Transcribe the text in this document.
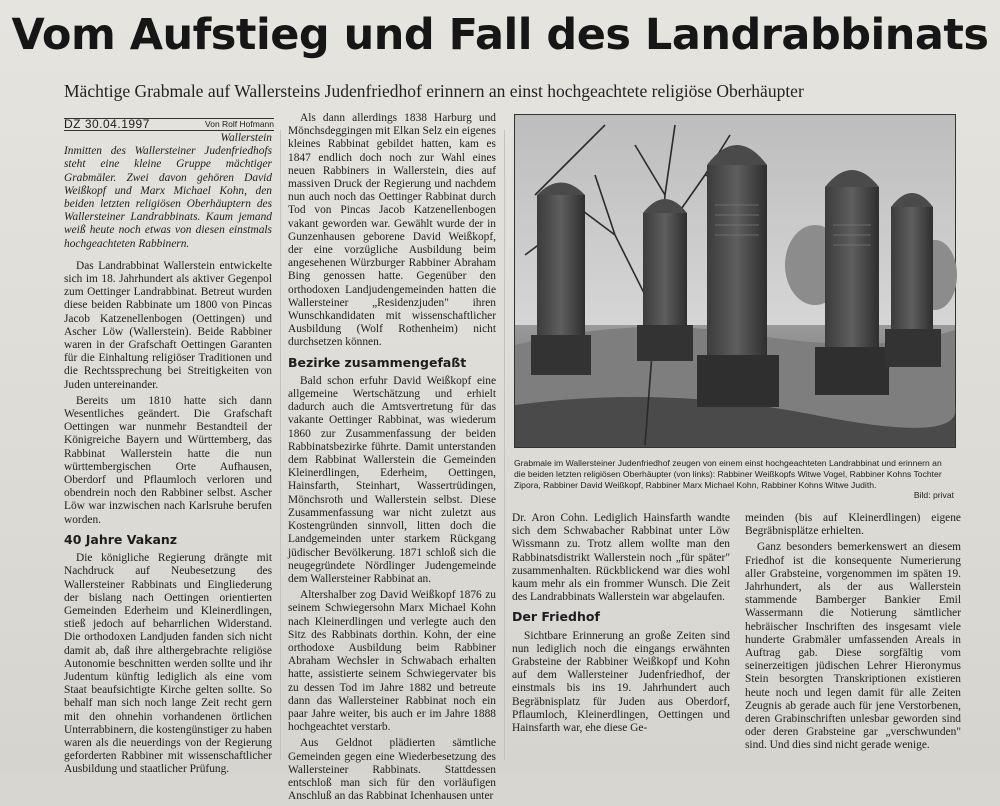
Vom Aufstieg und Fall des Landrabbinats
Mächtige Grabmale auf Wallersteins Judenfriedhof erinnern an einst hochgeachtete religiöse Oberhäupter
DZ 30.04.1997	Von Rolf Hofmann

Wallerstein
Inmitten des Wallersteiner Judenfriedhofs steht eine kleine Gruppe mächtiger Grabmäler. Zwei davon gehören David Weißkopf und Marx Michael Kohn, den beiden letzten religiösen Oberhäuptern des Wallersteiner Landrabbinats. Kaum jemand weiß heute noch etwas von diesen einstmals hochgeachteten Rabbinern.

Das Landrabbinat Wallerstein entwickelte sich im 18. Jahrhundert als aktiver Gegenpol zum Oettinger Landrabbinat. Betreut wurden diese beiden Rabbinate um 1800 von Pincas Jacob Katzenellenbogen (Oettingen) und Ascher Löw (Wallerstein). Beide Rabbiner waren in der Grafschaft Oettingen Garanten für die Einhaltung religiöser Traditionen und die Rechtssprechung bei Streitigkeiten von Juden untereinander.

Bereits um 1810 hatte sich dann Wesentliches geändert. Die Grafschaft Oettingen war nunmehr Bestandteil der Königreiche Bayern und Württemberg, das Rabbinat Wallerstein hatte die nun württembergischen Orte Aufhausen, Oberdorf und Pflaumloch verloren und obendrein noch den Rabbiner selbst. Ascher Löw war inzwischen nach Karlsruhe berufen worden.

40 Jahre Vakanz

Die königliche Regierung drängte mit Nachdruck auf Neubesetzung des Wallersteiner Rabbinats und Eingliederung der bislang nach Oettingen orientierten Gemeinden Ederheim und Kleinerdlingen, stieß jedoch auf beharrlichen Widerstand. Die orthodoxen Landjuden fanden sich nicht damit ab, daß ihre althergebrachte religiöse Autonomie beschnitten werden sollte und ihr Judentum künftig lediglich als eine vom Staat beaufsichtigte Kirche gelten sollte. So behalf man sich noch lange Zeit recht gern mit den ohnehin vorhandenen örtlichen Unterrabbinern, die kostengünstiger zu haben waren als die neuerdings von der Regierung geforderten Rabbiner mit wissenschaftlicher Ausbildung und staatlicher Prüfung.

Als dann allerdings 1838 Harburg und Mönchsdeggingen mit Elkan Selz ein eigenes kleines Rabbinat gebildet hatten, kam es 1847 endlich doch noch zur Wahl eines neuen Rabbiners in Wallerstein, dies auf massiven Druck der Regierung und nachdem nun auch noch das Oettinger Rabbinat durch Tod von Pincas Jacob Katzenellenbogen vakant geworden war. Gewählt wurde der in Gunzenhausen geborene David Weißkopf, der eine vorzügliche Ausbildung beim angesehenen Würzburger Rabbiner Abraham Bing genossen hatte. Gegenüber den orthodoxen Landjudengemeinden hatten die Wallersteiner „Residenzjuden" ihren Wunschkandidaten mit wissenschaftlicher Ausbildung (Wolf Rothenheim) nicht durchsetzen können.

Bezirke zusammengefaßt

Bald schon erfuhr David Weißkopf eine allgemeine Wertschätzung und erhielt dadurch auch die Amtsvertretung für das vakante Oettinger Rabbinat, was wiederum 1860 zur Zusammenfassung der beiden Rabbinatsbezirke führte. Damit unterstanden dem Rabbinat Wallerstein die Gemeinden Kleinerdlingen, Ederheim, Oettingen, Hainsfarth, Steinhart, Wassertrüdingen, Mönchsroth und Wallerstein selbst. Diese Zusammenfassung war nicht zuletzt aus Kostengründen sinnvoll, litten doch die Landgemeinden unter starkem Rückgang jüdischer Bevölkerung. 1871 schloß sich die neugegründete Nördlinger Judengemeinde dem Wallersteiner Rabbinat an.

Altershalber zog David Weißkopf 1876 zu seinem Schwiegersohn Marx Michael Kohn nach Kleinerdlingen und verlegte auch den Sitz des Rabbinats dorthin. Kohn, der eine orthodoxe Ausbildung beim Rabbiner Abraham Wechsler in Schwabach erhalten hatte, assistierte seinem Schwiegervater bis zu dessen Tod im Jahre 1882 und betreute dann das Wallersteiner Rabbinat noch ein paar Jahre weiter, bis auch er im Jahre 1888 hochgeachtet verstarb.

Aus Geldnot plädierten sämtliche Gemeinden gegen eine Wiederbesetzung des Wallersteiner Rabbinats. Stattdessen entschloß man sich für den vorläufigen Anschluß an das Rabbinat Ichenhausen unter

Grabmale im Wallersteiner Judenfriedhof zeugen von einem einst hochgeachteten Landrabbinat und erinnern an die beiden letzten religiösen Oberhäupter (von links): Rabbiner Weißkopfs Witwe Vogel, Rabbiner Kohns Tochter Zipora, Rabbiner David Weißkopf, Rabbiner Marx Michael Kohn, Rabbiner Kohns Witwe Judith.
Bild: privat

Dr. Aron Cohn. Lediglich Hainsfarth wandte sich dem Schwabacher Rabbinat unter Löw Wissmann zu. Trotz allem wollte man den Rabbinatsdistrikt Wallerstein noch „für später" zusammenhalten. Rückblickend war dies wohl kaum mehr als ein frommer Wunsch. Die Zeit des Landrabbinats Wallerstein war abgelaufen.

Der Friedhof

Sichtbare Erinnerung an große Zeiten sind nun lediglich noch die eingangs erwähnten Grabsteine der Rabbiner Weißkopf und Kohn auf dem Wallersteiner Judenfriedhof, der einstmals bis ins 19. Jahrhundert auch Begräbnisplatz für Juden aus Oberdorf, Pflaumloch, Kleinerdlingen, Oettingen und Hainsfarth war, ehe diese Ge-

meinden (bis auf Kleinerdlingen) eigene Begräbnisplätze erhielten.

Ganz besonders bemerkenswert an diesem Friedhof ist die konsequente Numerierung aller Grabsteine, vorgenommen im späten 19. Jahrhundert, als der aus Wallerstein stammende Bamberger Bankier Emil Wassermann die Notierung sämtlicher hebräischer Inschriften des insgesamt viele hunderte Grabmäler umfassenden Areals in Auftrag gab. Diese sorgfältig vom seinerzeitigen jüdischen Lehrer Hieronymus Stein besorgten Transkriptionen existieren heute noch und legen damit für alle Zeiten Zeugnis ab gerade auch für jene Verstorbenen, deren Grabinschriften unlesbar geworden sind oder deren Grabsteine gar „verschwunden" sind. Und dies sind nicht gerade wenige.
